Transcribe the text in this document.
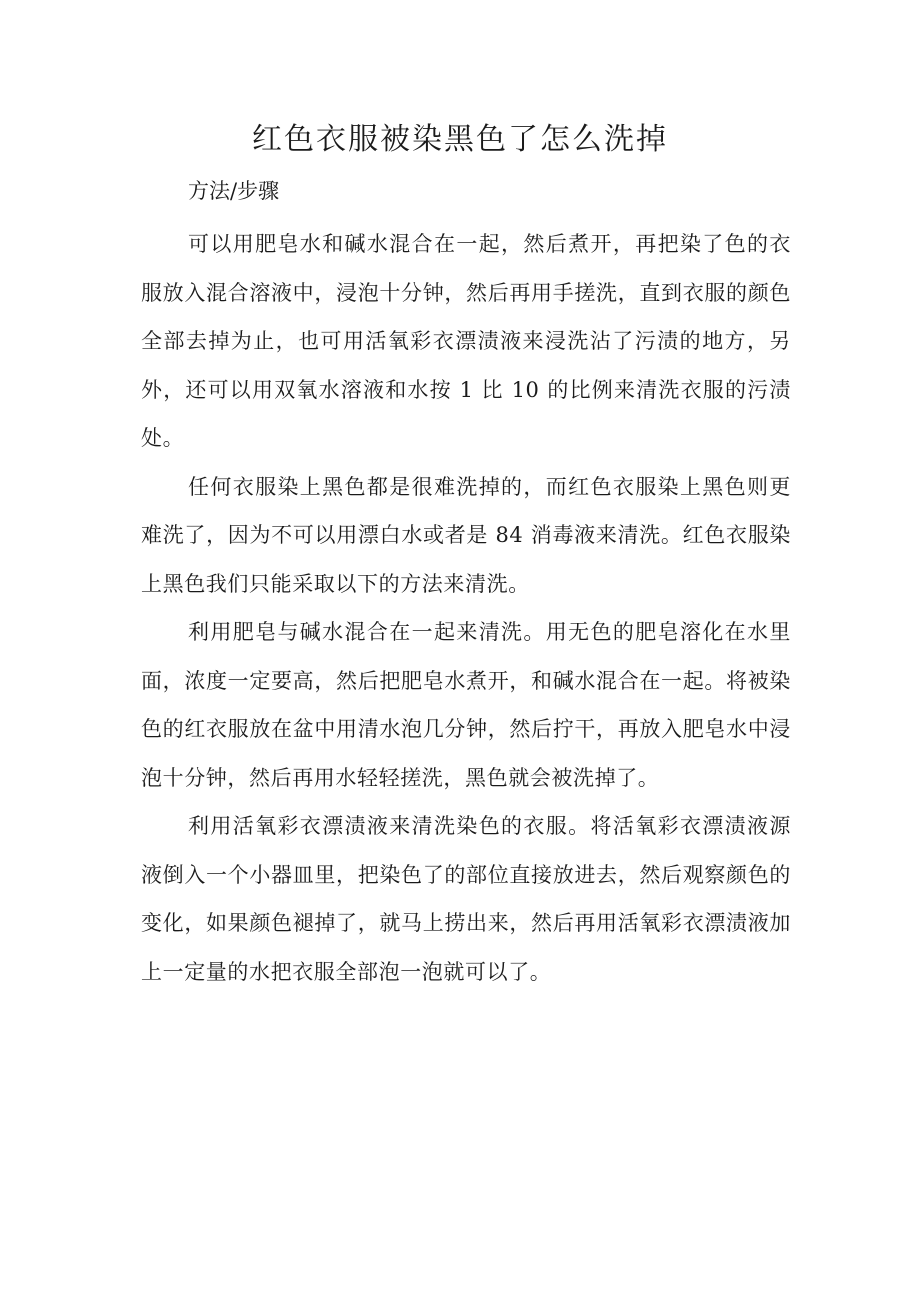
红色衣服被染黑色了怎么洗掉

方法/步骤

可以用肥皂水和碱水混合在一起，然后煮开，再把染了色的衣服放入混合溶液中，浸泡十分钟，然后再用手搓洗，直到衣服的颜色全部去掉为止，也可用活氧彩衣漂渍液来浸洗沾了污渍的地方，另外，还可以用双氧水溶液和水按 1 比 10 的比例来清洗衣服的污渍处。

任何衣服染上黑色都是很难洗掉的，而红色衣服染上黑色则更难洗了，因为不可以用漂白水或者是 84 消毒液来清洗。红色衣服染上黑色我们只能采取以下的方法来清洗。

利用肥皂与碱水混合在一起来清洗。用无色的肥皂溶化在水里面，浓度一定要高，然后把肥皂水煮开，和碱水混合在一起。将被染色的红衣服放在盆中用清水泡几分钟，然后拧干，再放入肥皂水中浸泡十分钟，然后再用水轻轻搓洗，黑色就会被洗掉了。

利用活氧彩衣漂渍液来清洗染色的衣服。将活氧彩衣漂渍液源液倒入一个小器皿里，把染色了的部位直接放进去，然后观察颜色的变化，如果颜色褪掉了，就马上捞出来，然后再用活氧彩衣漂渍液加上一定量的水把衣服全部泡一泡就可以了。
